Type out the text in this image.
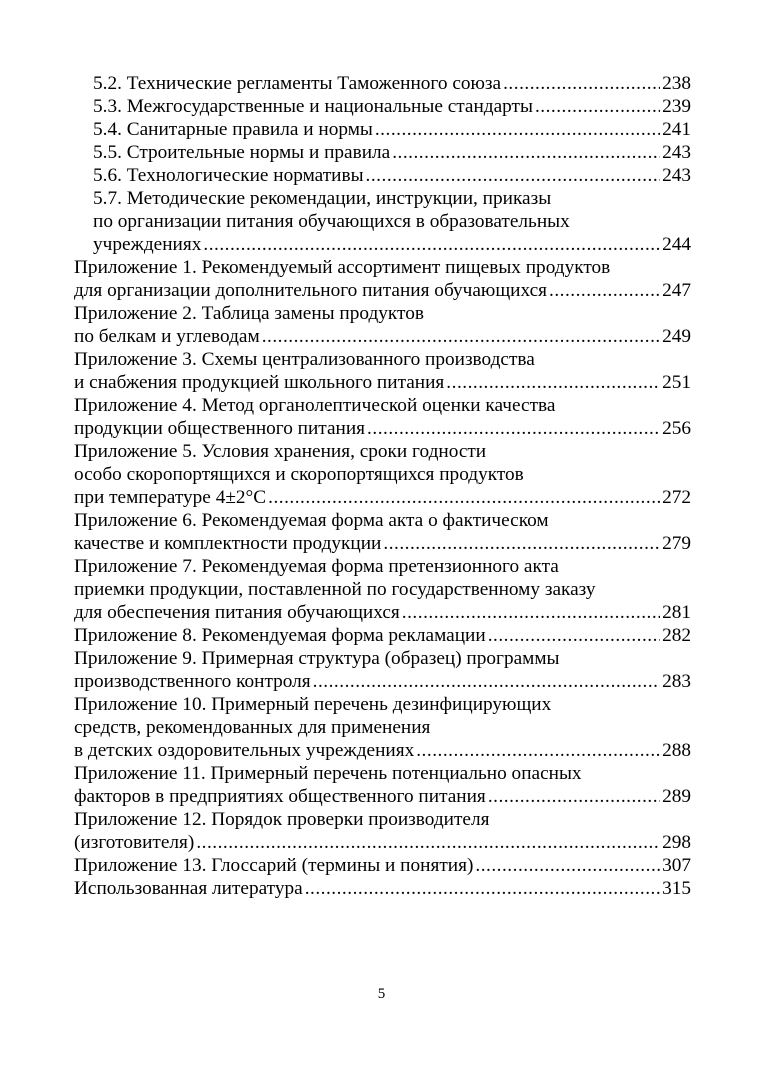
5.2. Технические регламенты Таможенного союза .....	238
5.3. Межгосударственные и национальные стандарты .....	239
5.4. Санитарные правила и нормы .....	241
5.5. Строительные нормы и правила .....	243
5.6. Технологические нормативы .....	243
5.7. Методические рекомендации, инструкции, приказы
по организации питания обучающихся в образовательных
учреждениях .....	244
Приложение 1. Рекомендуемый ассортимент пищевых продуктов
для организации дополнительного питания обучающихся .....	247
Приложение 2. Таблица замены продуктов
по белкам и углеводам .....	249
Приложение 3. Схемы централизованного производства
и снабжения продукцией школьного питания .....	251
Приложение 4. Метод органолептической оценки качества
продукции общественного питания .....	256
Приложение 5. Условия хранения, сроки годности
особо скоропортящихся и скоропортящихся продуктов
при температуре 4±2°С .....	272
Приложение 6. Рекомендуемая форма акта о фактическом
качестве и комплектности продукции .....	279
Приложение 7. Рекомендуемая форма претензионного акта
приемки продукции, поставленной по государственному заказу
для обеспечения питания обучающихся .....	281
Приложение 8. Рекомендуемая форма рекламации .....	282
Приложение 9. Примерная структура (образец) программы
производственного контроля .....	283
Приложение 10. Примерный перечень дезинфицирующих
средств, рекомендованных для применения
в детских оздоровительных учреждениях .....	288
Приложение 11. Примерный перечень потенциально опасных
факторов в предприятиях общественного питания .....	289
Приложение 12. Порядок проверки производителя
(изготовителя) .....	298
Приложение 13. Глоссарий (термины и понятия) .....	307
Использованная литература .....	315
5
